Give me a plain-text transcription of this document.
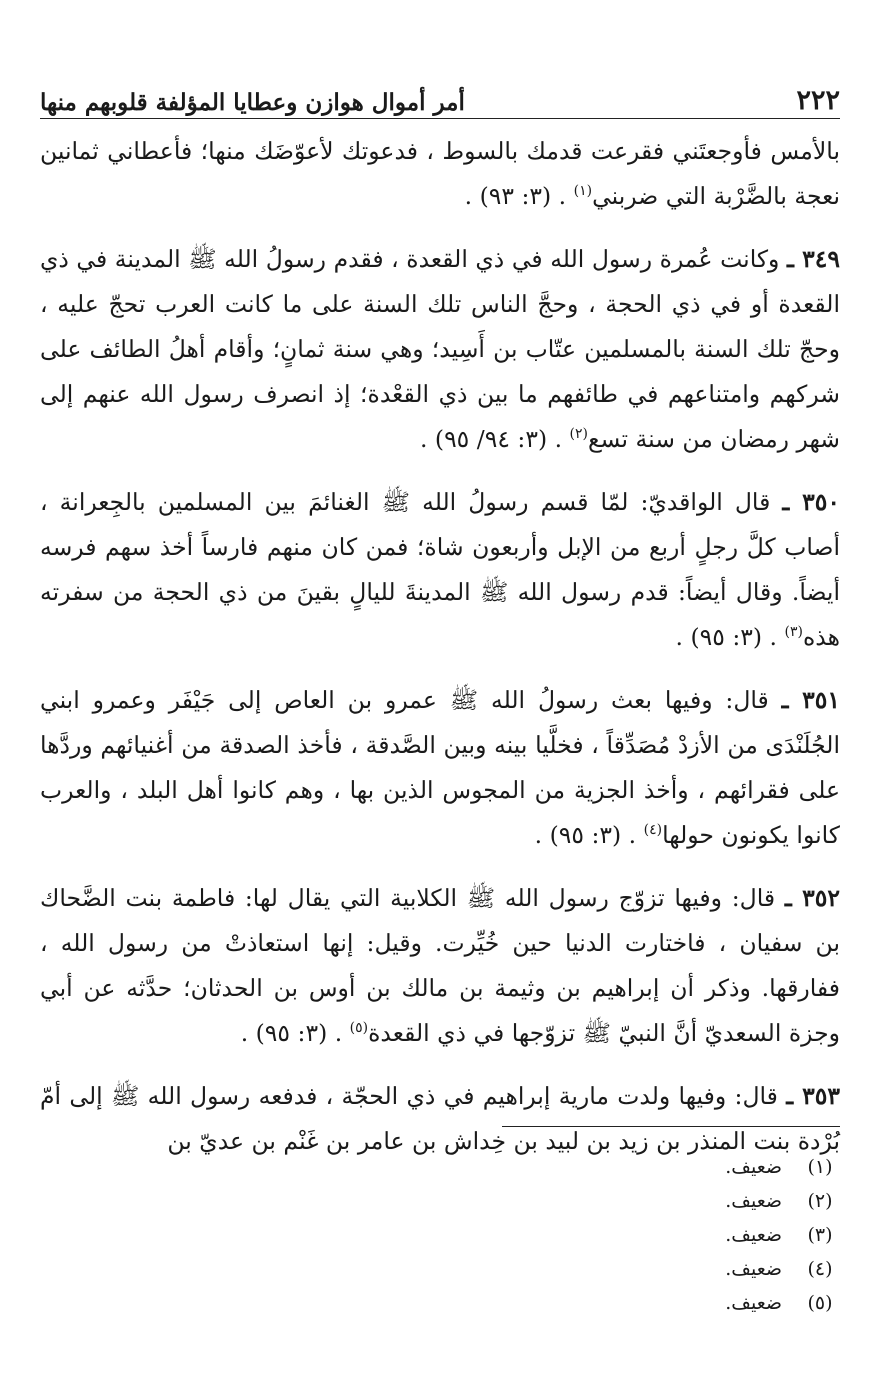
٢٢٢
أمر أموال هوازن وعطايا المؤلفة قلوبهم منها

بالأمس فأوجعتَني فقرعت قدمك بالسوط ، فدعوتك لأعوّضَك منها؛ فأعطاني ثمانين نعجة بالضَّرْبة التي ضربني$^{(١)}$ . (٣: ٩٣) .

٣٤٩ ـ وكانت عُمرة رسول الله في ذي القعدة ، فقدم رسولُ الله ﷺ المدينة في ذي القعدة أو في ذي الحجة ، وحجَّ الناس تلك السنة على ما كانت العرب تحجّ عليه ، وحجّ تلك السنة بالمسلمين عتّاب بن أَسِيد؛ وهي سنة ثمانٍ؛ وأقام أهلُ الطائف على شركهم وامتناعهم في طائفهم ما بين ذي القعْدة؛ إذ انصرف رسول الله عنهم إلى شهر رمضان من سنة تسع$^{(٢)}$ . (٣: ٩٤/ ٩٥) .

٣٥٠ ـ قال الواقديّ: لمّا قسم رسولُ الله ﷺ الغنائمَ بين المسلمين بالجِعرانة ، أصاب كلَّ رجلٍ أربع من الإبل وأربعون شاة؛ فمن كان منهم فارساً أخذ سهم فرسه أيضاً. وقال أيضاً: قدم رسول الله ﷺ المدينةَ لليالٍ بقينَ من ذي الحجة من سفرته هذه$^{(٣)}$ . (٣: ٩٥) .

٣٥١ ـ قال: وفيها بعث رسولُ الله ﷺ عمرو بن العاص إلى جَيْفَر وعمرو ابني الجُلَنْدَى من الأزدْ مُصَدِّقاً ، فخلَّيا بينه وبين الصَّدقة ، فأخذ الصدقة من أغنيائهم وردَّها على فقرائهم ، وأخذ الجزية من المجوس الذين بها ، وهم كانوا أهل البلد ، والعرب كانوا يكونون حولها$^{(٤)}$ . (٣: ٩٥) .

٣٥٢ ـ قال: وفيها تزوّج رسول الله ﷺ الكلابية التي يقال لها: فاطمة بنت الضَّحاك بن سفيان ، فاختارت الدنيا حين خُيِّرت. وقيل: إنها استعاذتْ من رسول الله ، ففارقها. وذكر أن إبراهيم بن وثيمة بن مالك بن أوس بن الحدثان؛ حدَّثه عن أبي وجزة السعديّ أنَّ النبيّ ﷺ تزوّجها في ذي القعدة$^{(٥)}$ . (٣: ٩٥) .

٣٥٣ ـ قال: وفيها ولدت مارية إبراهيم في ذي الحجّة ، فدفعه رسول الله ﷺ إلى أمّ بُرْدة بنت المنذر بن زيد بن لبيد بن خِداش بن عامر بن غَنْم بن عديّ بن

(١)
ضعيف.
(٢)
ضعيف.
(٣)
ضعيف.
(٤)
ضعيف.
(٥)
ضعيف.
